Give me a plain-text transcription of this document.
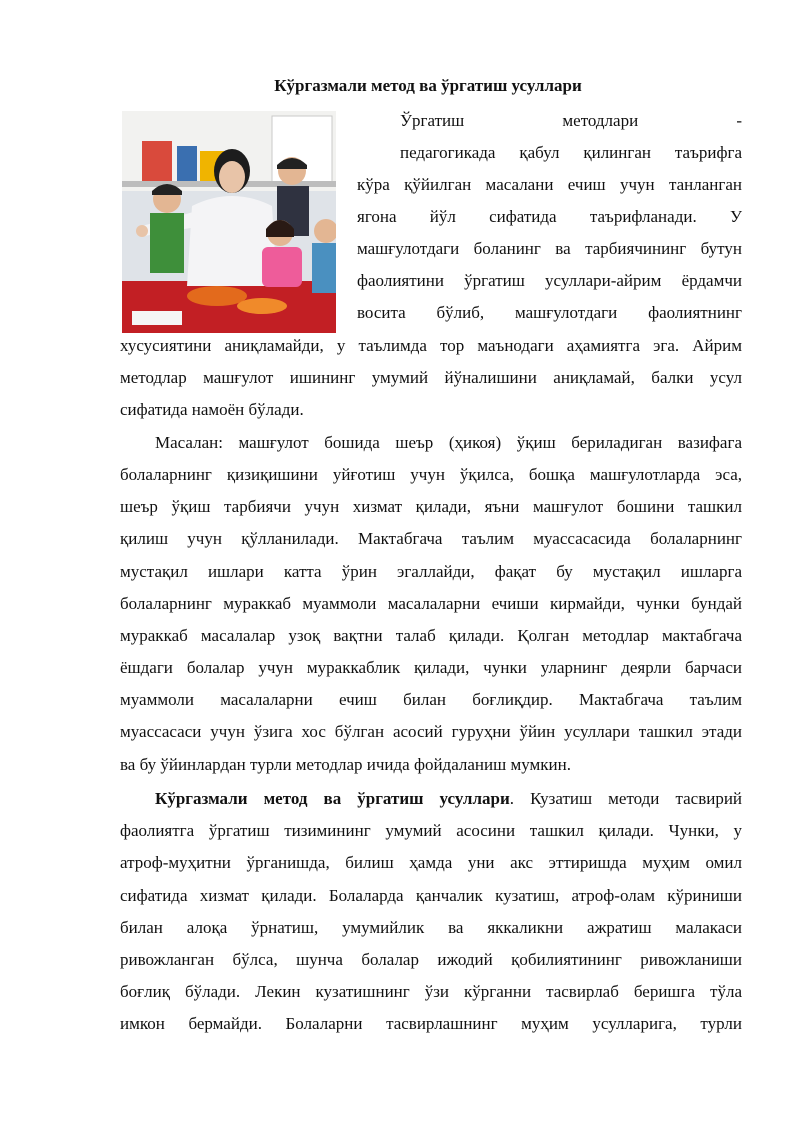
Кўргазмали метод ва ўргатиш усуллари
Ўргатиш методлари -
педагогикада қабул қилинган таърифга
кўра қўйилган масалани ечиш учун танланган
ягона йўл сифатида таърифланади. У
машғулотдаги боланинг ва тарбиячининг бутун
фаолиятини ўргатиш усуллари-айрим ёрдамчи
восита бўлиб, машғулотдаги фаолиятнинг
хусусиятини аниқламайди, у таълимда тор маънодаги аҳамиятга эга. Айрим
методлар машғулот ишининг умумий йўналишини аниқламай, балки усул
сифатида намоён бўлади.
Масалан: машғулот бошида шеър (ҳикоя) ўқиш бериладиган вазифага
болаларнинг қизиқишини уйғотиш учун ўқилса, бошқа машғулотларда эса,
шеър ўқиш тарбиячи учун хизмат қилади, яъни машғулот бошини ташкил
қилиш учун қўлланилади. Мактабгача таълим муассасасида болаларнинг
мустақил ишлари катта ўрин эгаллайди, фақат бу мустақил ишларга
болаларнинг мураккаб муаммоли масалаларни ечиши кирмайди, чунки бундай
мураккаб масалалар узоқ вақтни талаб қилади. Қолган методлар мактабгача
ёшдаги болалар учун мураккаблик қилади, чунки уларнинг деярли барчаси
муаммоли масалаларни ечиш билан боғлиқдир. Мактабгача таълим
муассасаси учун ўзига хос бўлган асосий гуруҳни ўйин усуллари ташкил этади
ва бу ўйинлардан турли методлар ичида фойдаланиш мумкин.
Кўргазмали метод ва ўргатиш усуллари. Кузатиш методи тасвирий
фаолиятга ўргатиш тизимининг умумий асосини ташкил қилади. Чунки, у
атроф-муҳитни ўрганишда, билиш ҳамда уни акс эттиришда муҳим омил
сифатида хизмат қилади. Болаларда қанчалик кузатиш, атроф-олам кўриниши
билан алоқа ўрнатиш, умумийлик ва яккаликни ажратиш малакаси
ривожланган бўлса, шунча болалар ижодий қобилиятининг ривожланиши
боғлиқ бўлади. Лекин кузатишнинг ўзи кўрганни тасвирлаб беришга тўла
имкон бермайди. Болаларни тасвирлашнинг муҳим усулларига, турли
